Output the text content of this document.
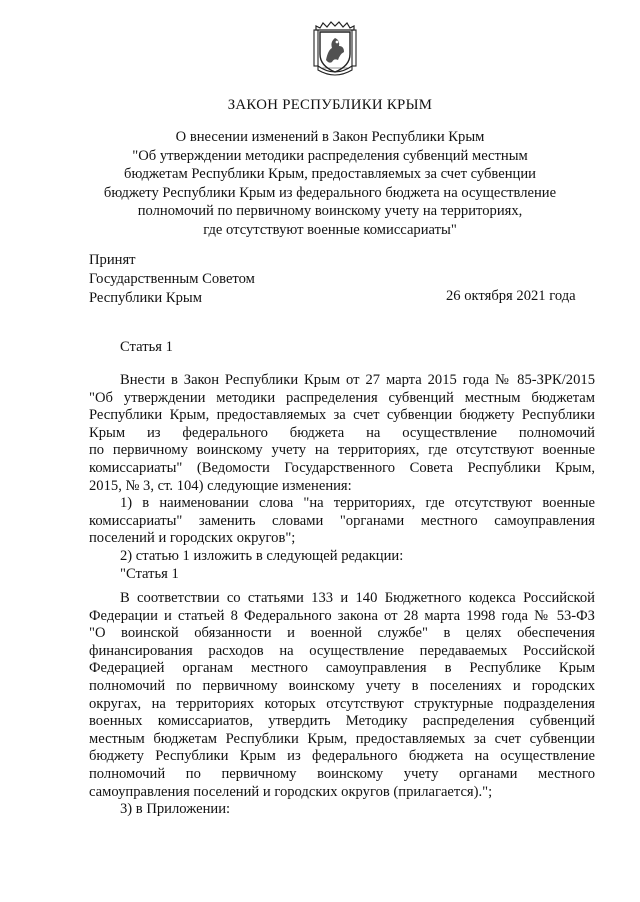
ЗАКОН РЕСПУБЛИКИ КРЫМ
О внесении изменений в Закон Республики Крым
"Об утверждении методики распределения субвенций местным
бюджетам Республики Крым, предоставляемых за счет субвенции
бюджету Республики Крым из федерального бюджета на осуществление
полномочий по первичному воинскому учету на территориях,
где отсутствуют военные комиссариаты"
Принят
Государственным Советом
Республики Крым	26 октября 2021 года
Статья 1
Внести в Закон Республики Крым от 27 марта 2015 года № 85-ЗРК/2015
"Об утверждении методики распределения субвенций местным бюджетам
Республики Крым, предоставляемых за счет субвенции бюджету Республики
Крым из федерального бюджета на осуществление полномочий
по первичному воинскому учету на территориях, где отсутствуют военные
комиссариаты" (Ведомости Государственного Совета Республики Крым,
2015, № 3, ст. 104) следующие изменения:
1) в наименовании слова "на территориях, где отсутствуют военные
комиссариаты" заменить словами "органами местного самоуправления
поселений и городских округов";
2) статью 1 изложить в следующей редакции:
"Статья 1
В соответствии со статьями 133 и 140 Бюджетного кодекса Российской
Федерации и статьей 8 Федерального закона от 28 марта 1998 года № 53-ФЗ
"О воинской обязанности и военной службе" в целях обеспечения
финансирования расходов на осуществление передаваемых Российской
Федерацией органам местного самоуправления в Республике Крым
полномочий по первичному воинскому учету в поселениях и городских
округах, на территориях которых отсутствуют структурные подразделения
военных комиссариатов, утвердить Методику распределения субвенций
местным бюджетам Республики Крым, предоставляемых за счет субвенции
бюджету Республики Крым из федерального бюджета на осуществление
полномочий по первичному воинскому учету органами местного
самоуправления поселений и городских округов (прилагается).";
3) в Приложении:
